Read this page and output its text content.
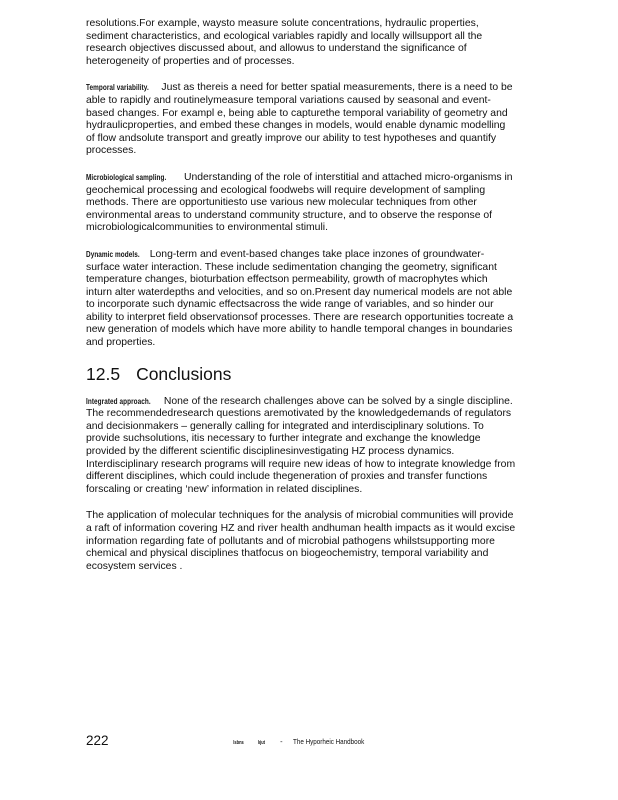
resolutions.For example, waysto measure solute concentrations, hydraulic properties, sediment characteristics, and ecological variables rapidly and locally willsupport all the research objectives discussed about, and allowus to understand the significance of heterogeneity of properties and of processes.

Temporal variability. Just as thereis a need for better spatial measurements, there is a need to be able to rapidly and routinelymeasure temporal variations caused by seasonal and event-based changes. For exampl e, being able to capturethe temporal variability of geometry and hydraulicproperties, and embed these changes in models, would enable dynamic modelling of flow andsolute transport and greatly improve our ability to test hypotheses and quantify processes.

Microbiological sampling. Understanding of the role of interstitial and attached micro-organisms in geochemical processing and ecological foodwebs will require development of sampling methods. There are opportunitiesto use various new molecular techniques from other environmental areas to understand community structure, and to observe the response of microbiologicalcommunities to environmental stimuli.

Dynamic models. Long-term and event-based changes take place inzones of groundwater- surface water interaction. These include sedimentation changing the geometry, significant temperature changes, bioturbation effectson permeability, growth of macrophytes which inturn alter waterdepths and velocities, and so on.Present day numerical models are not able to incorporate such dynamic effectsacross the wide range of variables, and so hinder our ability to interpret field observationsof processes. There are research opportunities tocreate a new generation of models which have more ability to handle temporal changes in boundaries and properties.

12.5 Conclusions

Integrated approach. None of the research challenges above can be solved by a single discipline. The recommendedresearch questions aremotivated by the knowledgedemands of regulators and decisionmakers – generally calling for integrated and interdisciplinary solutions. To provide suchsolutions, itis necessary to further integrate and exchange the knowledge provided by the different scientific disciplinesinvestigating HZ process dynamics. Interdisciplinary research programs will require new ideas of how to integrate knowledge from different disciplines, which could include thegeneration of proxies and transfer functions forscaling or creating ‘new’ information in related disciplines.

The application of molecular techniques for the analysis of microbial communities will provide a raft of information covering HZ and river health andhuman health impacts as it would excise information regarding fate of pollutants and of microbial pathogens whilstsupporting more chemical and physical disciplines thatfocus on biogeochemistry, temporal variability and ecosystem services .

222	lsbns	lıjut - The Hyporheic Handbook
